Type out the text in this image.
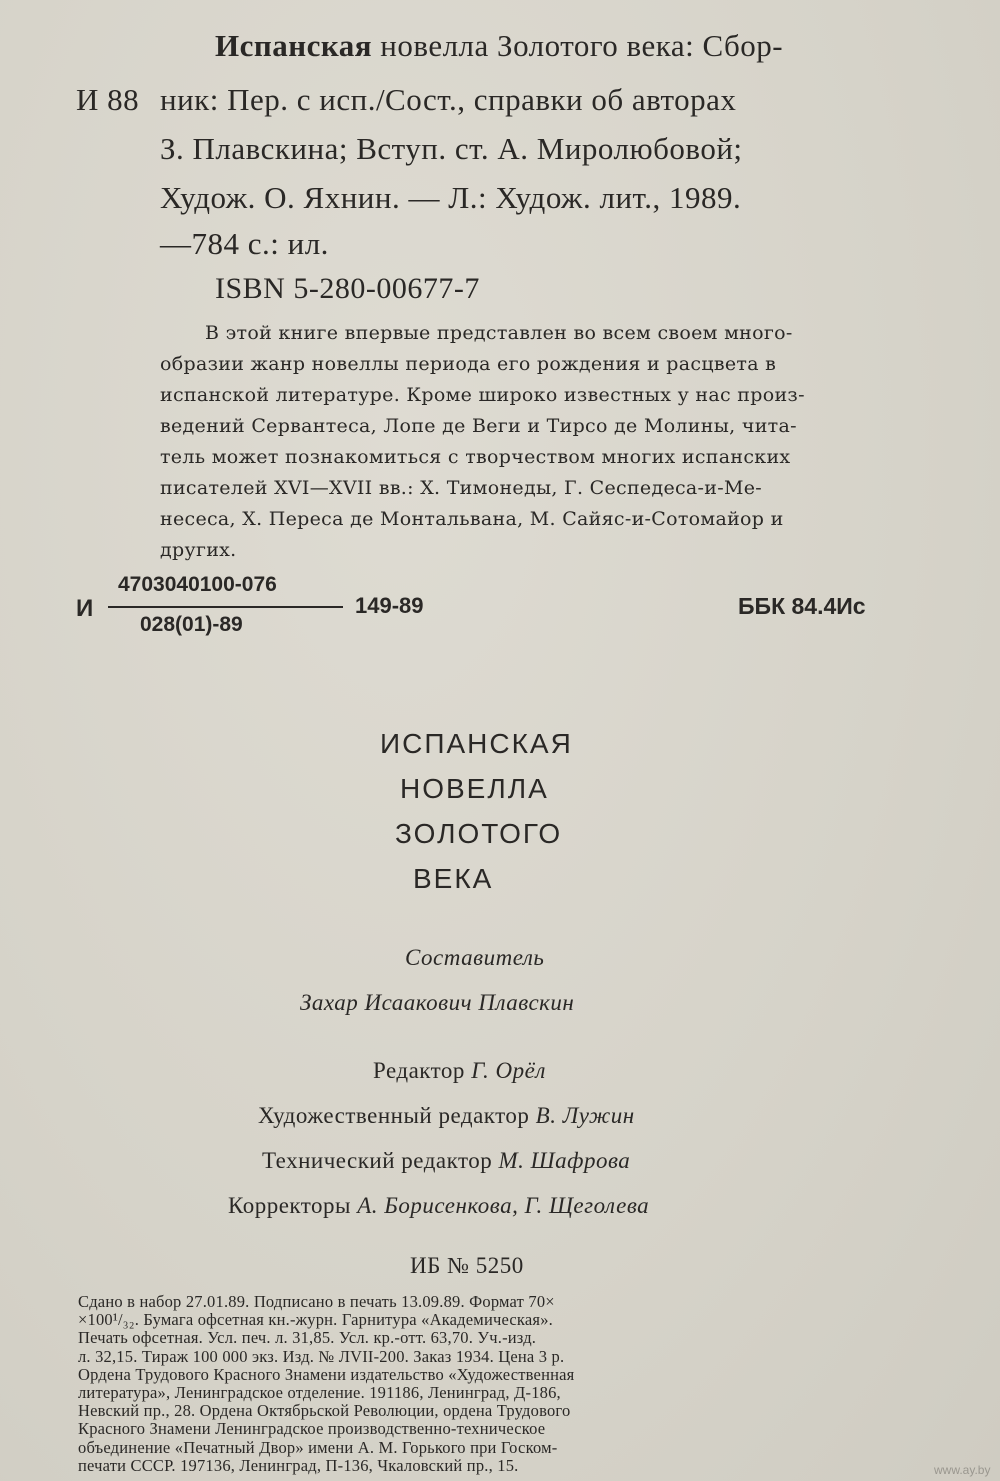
Испанская новелла Золотого века: Сбор-
И 88 ник: Пер. с исп./Сост., справки об авторах
З. Плавскина; Вступ. ст. А. Миролюбовой;
Худож. О. Яхнин. — Л.: Худож. лит., 1989.
—784 с.: ил.
ISBN 5-280-00677-7
В этой книге впервые представлен во всем своем много-
образии жанр новеллы периода его рождения и расцвета в
испанской литературе. Кроме широко известных у нас произ-
ведений Сервантеса, Лопе де Веги и Тирсо де Молины, чита-
тель может познакомиться с творчеством многих испанских
писателей XVI—XVII вв.: Х. Тимонеды, Г. Сеспедеса-и-Ме-
несеса, Х. Переса де Монтальвана, М. Сайяс-и-Сотомайор и
других.
И
4703040100-076
028(01)-89
149-89	ББК 84.4Ис
ИСПАНСКАЯ
НОВЕЛЛА
ЗОЛОТОГО
ВЕКА
Составитель
Захар Исаакович Плавскин
Редактор Г. Орёл
Художественный редактор В. Лужин
Технический редактор М. Шафрова
Корректоры А. Борисенкова, Г. Щеголева
ИБ № 5250
www.ay.by
Сдано в набор 27.01.89. Подписано в печать 13.09.89. Формат 70×
×100¹/₃₂. Бумага офсетная кн.-журн. Гарнитура «Академическая».
Печать офсетная. Усл. печ. л. 31,85. Усл. кр.-отт. 63,70. Уч.-изд.
л. 32,15. Тираж 100 000 экз. Изд. № ЛVII-200. Заказ 1934. Цена 3 р.
Ордена Трудового Красного Знамени издательство «Художественная
литература», Ленинградское отделение. 191186, Ленинград, Д-186,
Невский пр., 28. Ордена Октябрьской Революции, ордена Трудового
Красного Знамени Ленинградское производственно-техническое
объединение «Печатный Двор» имени А. М. Горького при Госком-
печати СССР. 197136, Ленинград, П-136, Чкаловский пр., 15.
